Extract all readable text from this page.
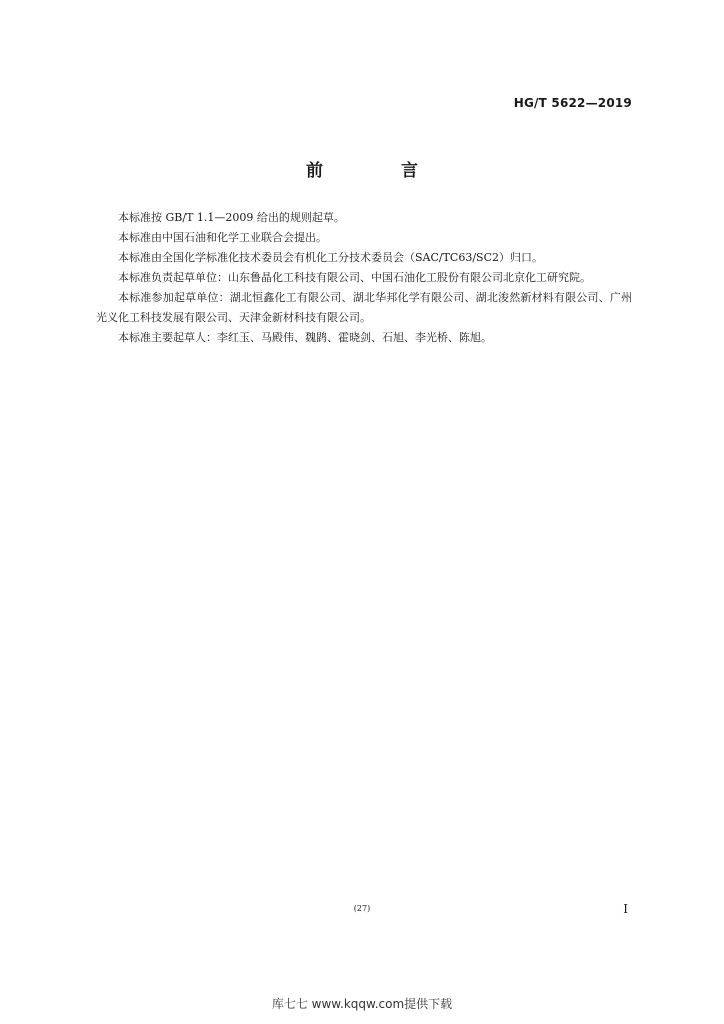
HG/T 5622—2019
前 言

本标准按 GB/T 1.1—2009 给出的规则起草。

本标准由中国石油和化学工业联合会提出。

本标准由全国化学标准化技术委员会有机化工分技术委员会（SAC/TC63/SC2）归口。

本标准负责起草单位：山东鲁晶化工科技有限公司、中国石油化工股份有限公司北京化工研究院。

本标准参加起草单位：湖北恒鑫化工有限公司、湖北华邦化学有限公司、湖北浚然新材料有限公司、广州光义化工科技发展有限公司、天津金新材科技有限公司。

本标准主要起草人：李红玉、马殿伟、魏鹍、霍晓剑、石旭、李光桥、陈旭。

(27)	I
库七七 www.kqqw.com提供下载
